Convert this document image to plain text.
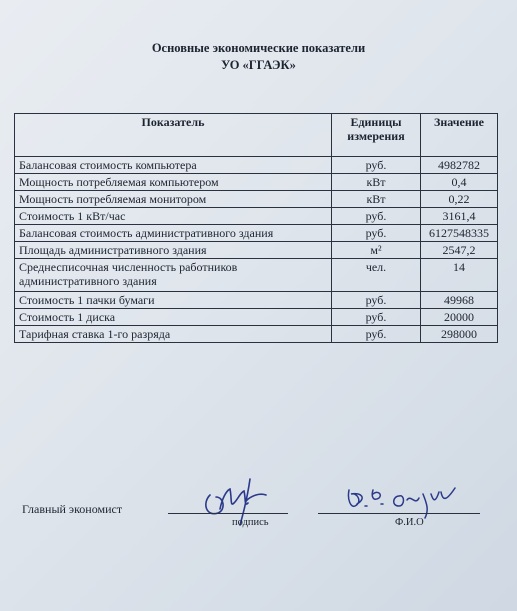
Основные экономические показатели
УО «ГГАЭК»
Показатель	Единицы измерения	Значение
Балансовая стоимость компьютера	руб.	4982782
Мощность потребляемая компьютером	кВт	0,4
Мощность потребляемая монитором	кВт	0,22
Стоимость 1 кВт/час	руб.	3161,4
Балансовая стоимость административного здания	руб.	6127548335
Площадь административного здания	м²	2547,2
Среднесписочная численность работников административного здания	чел.	14
Стоимость 1 пачки бумаги	руб.	49968
Стоимость 1 диска	руб.	20000
Тарифная ставка 1-го разряда	руб.	298000
Главный экономист
подпись	Ф.И.О
